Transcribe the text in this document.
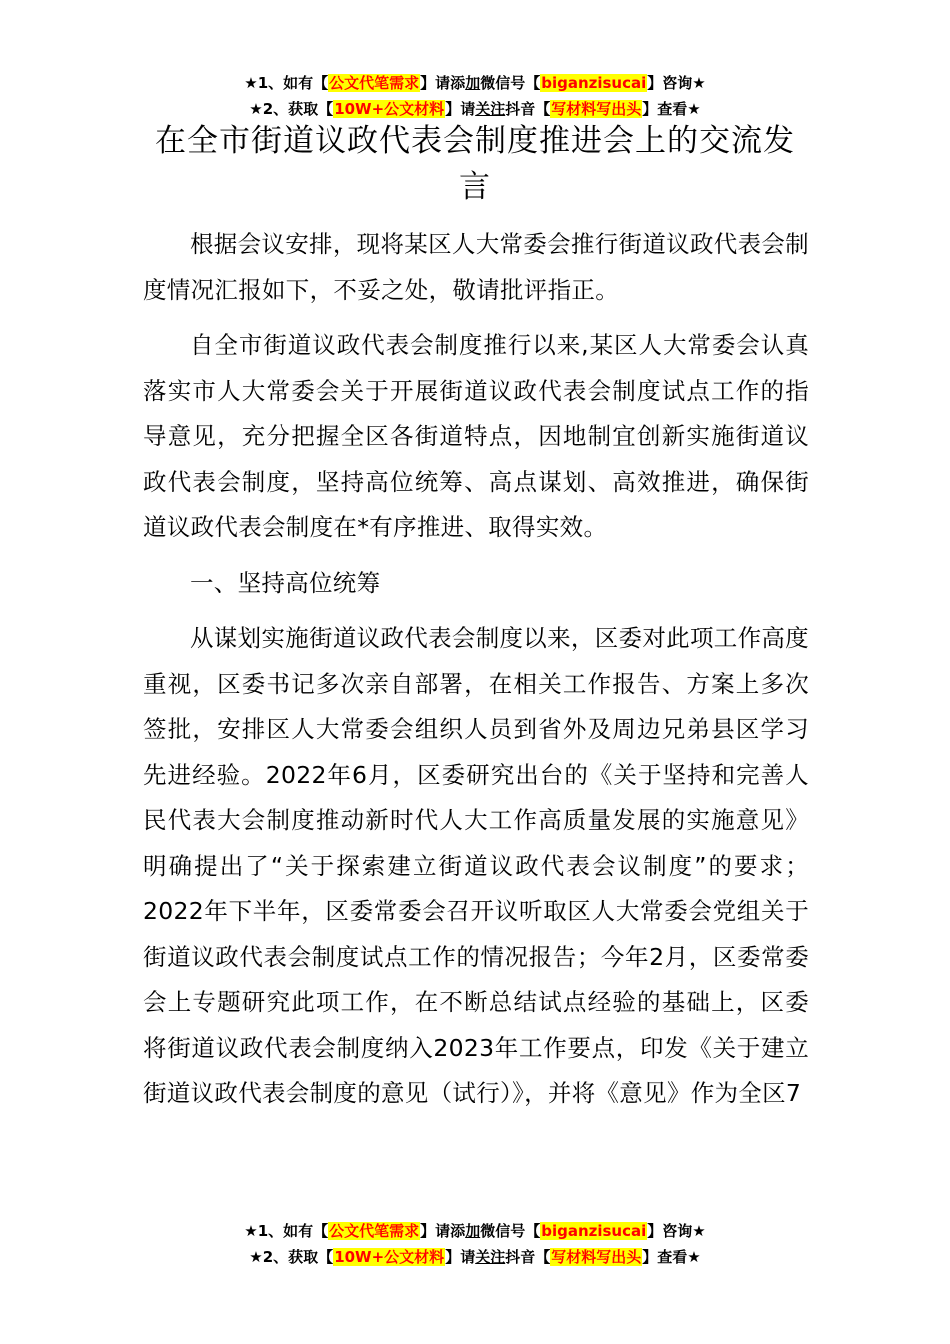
★1、如有【公文代笔需求】请添加微信号【biganzisucai】咨询★
★2、获取【10W+公文材料】请关注抖音【写材料写出头】查看★
在全市街道议政代表会制度推进会上的交流发言

根据会议安排，现将某区人大常委会推行街道议政代表会制度情况汇报如下，不妥之处，敬请批评指正。

自全市街道议政代表会制度推行以来,某区人大常委会认真落实市人大常委会关于开展街道议政代表会制度试点工作的指导意见，充分把握全区各街道特点，因地制宜创新实施街道议政代表会制度，坚持高位统筹、高点谋划、高效推进，确保街道议政代表会制度在*有序推进、取得实效。

一、坚持高位统筹

从谋划实施街道议政代表会制度以来，区委对此项工作高度重视，区委书记多次亲自部署，在相关工作报告、方案上多次签批，安排区人大常委会组织人员到省外及周边兄弟县区学习先进经验。2022年6月，区委研究出台的《关于坚持和完善人民代表大会制度推动新时代人大工作高质量发展的实施意见》明确提出了“关于探索建立街道议政代表会议制度”的要求；2022年下半年，区委常委会召开议听取区人大常委会党组关于街道议政代表会制度试点工作的情况报告；今年2月，区委常委会上专题研究此项工作，在不断总结试点经验的基础上，区委将街道议政代表会制度纳入2023年工作要点，印发《关于建立街道议政代表会制度的意见（试行）》，并将《意见》作为全区7

★1、如有【公文代笔需求】请添加微信号【biganzisucai】咨询★
★2、获取【10W+公文材料】请关注抖音【写材料写出头】查看★
